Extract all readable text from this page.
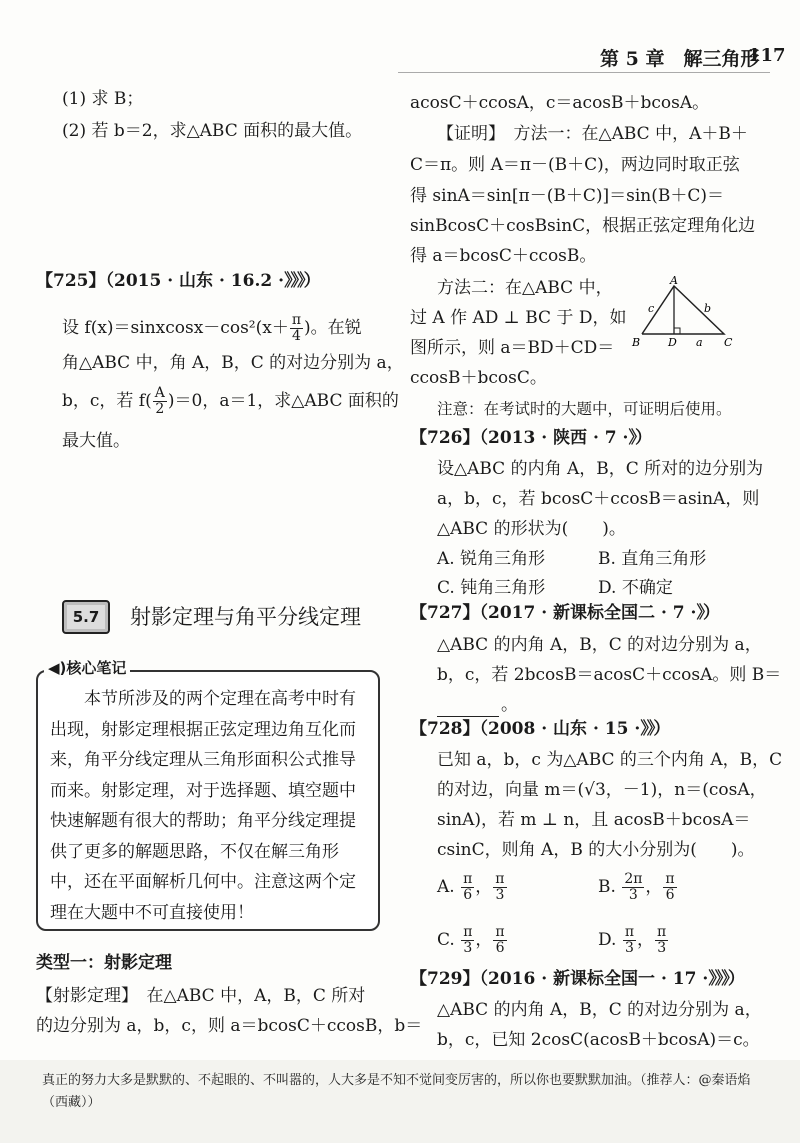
第 5 章　解三角形
117
(1) 求 B；
(2) 若 b＝2，求△ABC 面积的最大值。
【725】（2015 · 山东 · 16.2 ·》》》）
设 f(x)＝sinxcosx－cos²(x＋ $\frac{\pi}{4}$ )。在锐
角△ABC 中，角 A，B，C 的对边分别为 a，
b，c，若 $f( \frac{A}{2} )=0$，a＝1，求△ABC 面积的
最大值。
5.7	射影定理与角平分线定理
◀)核心笔记
本节所涉及的两个定理在高考中时有出现，射影定理根据正弦定理边角互化而来，角平分线定理从三角形面积公式推导而来。射影定理，对于选择题、填空题中快速解题有很大的帮助；角平分线定理提供了更多的解题思路，不仅在解三角形中，还在平面解析几何中。注意这两个定理在大题中不可直接使用！
类型一：射影定理
【射影定理】　在△ABC 中，A，B，C 所对
的边分别为 a，b，c，则 a＝bcosC＋ccosB，b＝
acosC＋ccosA，c＝acosB＋bcosA。
【证明】　方法一：在△ABC 中，A＋B＋
C＝π。则 A＝π－(B＋C)，两边同时取正弦
得 sinA＝sin[π－(B＋C)]＝sin(B＋C)＝
sinBcosC＋cosBsinC，根据正弦定理角化边
得 a＝bcosC＋ccosB。
方法二：在△ABC 中，
过 A 作 AD ⊥ BC 于 D，如
图所示，则 a＝BD＋CD＝
ccosB＋bcosC。
A
B	D	C
a
b
c
注意：在考试时的大题中，可证明后使用。
【726】（2013 · 陕西 · 7 ·》）
设△ABC 的内角 A，B，C 所对的边分别为
a，b，c，若 bcosC＋ccosB＝asinA，则
△ABC 的形状为(　　)。
A. 锐角三角形	B. 直角三角形
C. 钝角三角形	D. 不确定
【727】（2017 · 新课标全国二 · 7 ·》）
△ABC 的内角 A，B，C 的对边分别为 a，
b，c，若 2bcosB＝acosC＋ccosA。则 B＝
。
【728】（2008 · 山东 · 15 ·》》）
已知 a，b，c 为△ABC 的三个内角 A，B，C
的对边，向量 m＝(√3，－1)，n＝(cosA，
sinA)，若 m ⊥ n，且 acosB＋bcosA＝
csinC，则角 A，B 的大小分别为(　　)。
A. $\frac{\pi}{6}$ ， $\frac{\pi}{3}$	B. $\frac{2\pi}{3}$ ， $\frac{\pi}{6}$
C. $\frac{\pi}{3}$ ， $\frac{\pi}{6}$	D. $\frac{\pi}{3}$ ， $\frac{\pi}{3}$
【729】（2016 · 新课标全国一 · 17 ·》》》）
△ABC 的内角 A，B，C 的对边分别为 a，
b，c，已知 2cosC(acosB＋bcosA)＝c。
真正的努力大多是默默的、不起眼的、不叫嚣的，人大多是不知不觉间变厉害的，所以你也要默默加油。（推荐人：@秦语焰（西藏））
